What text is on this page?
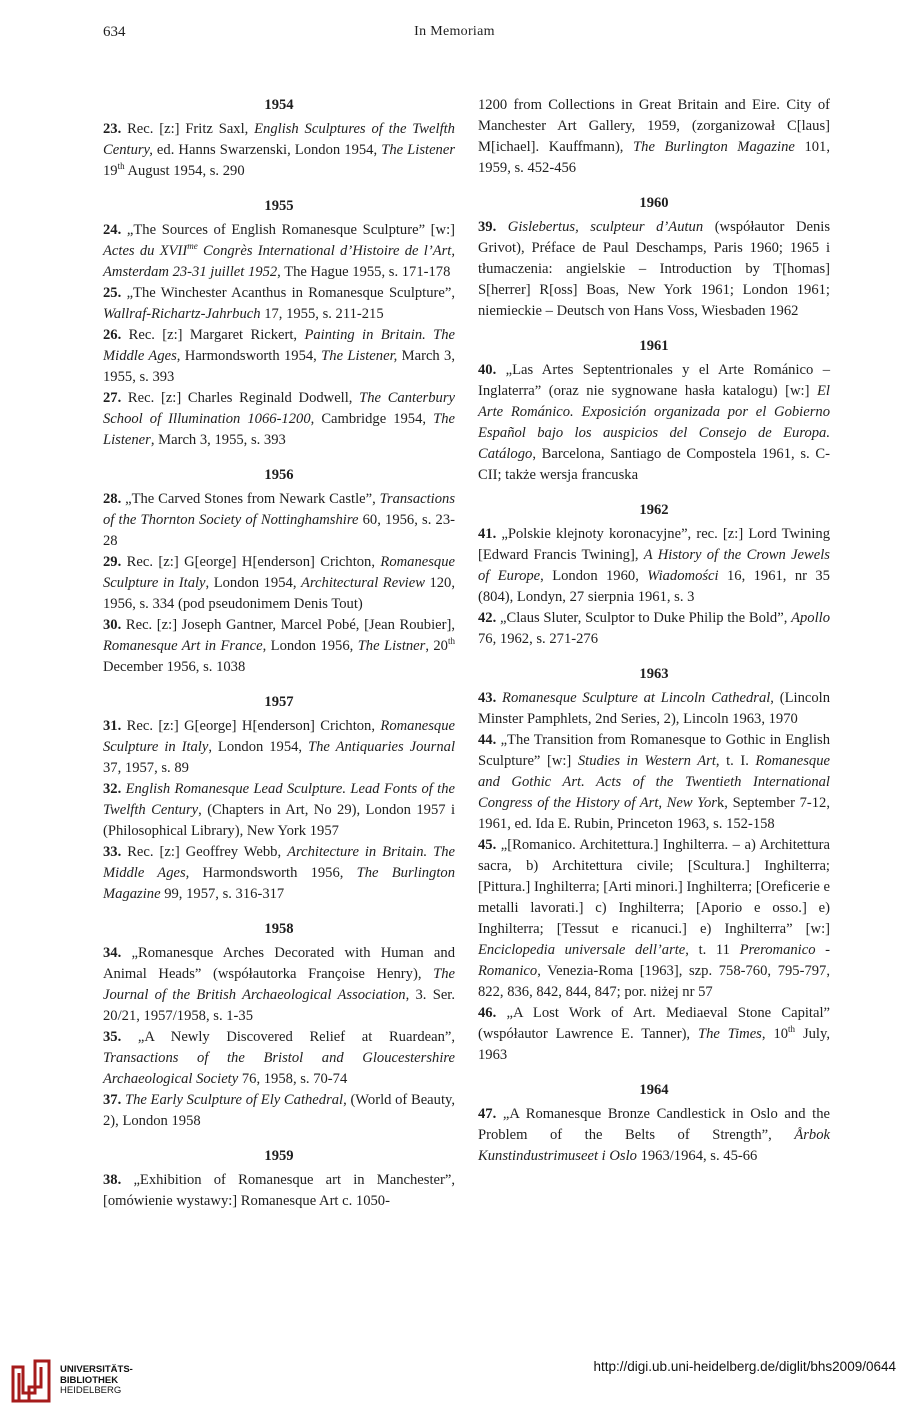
634	In Memoriam
1954
23. Rec. [z:] Fritz Saxl, English Sculptures of the Twelfth Century, ed. Hanns Swarzenski, London 1954, The Listener 19th August 1954, s. 290
1955
24. „The Sources of English Romanesque Sculpture” [w:] Actes du $XVII^{me}$ Congrès International d’Histoire de l’Art, Amsterdam 23-31 juillet 1952, The Hague 1955, s. 171-178
25. „The Winchester Acanthus in Romanesque Sculpture”, Wallraf-Richartz-Jahrbuch 17, 1955, s. 211-215
26. Rec. [z:] Margaret Rickert, Painting in Britain. The Middle Ages, Harmondsworth 1954, The Listener, March 3, 1955, s. 393
27. Rec. [z:] Charles Reginald Dodwell, The Canterbury School of Illumination 1066-1200, Cambridge 1954, The Listener, March 3, 1955, s. 393
1956
28. „The Carved Stones from Newark Castle”, Transactions of the Thornton Society of Nottinghamshire 60, 1956, s. 23-28
29. Rec. [z:] G[eorge] H[enderson] Crichton, Romanesque Sculpture in Italy, London 1954, Architectural Review 120, 1956, s. 334 (pod pseudonimem Denis Tout)
30. Rec. [z:] Joseph Gantner, Marcel Pobé, [Jean Roubier], Romanesque Art in France, London 1956, The Listner, 20th December 1956, s. 1038
1957
31. Rec. [z:] G[eorge] H[enderson] Crichton, Romanesque Sculpture in Italy, London 1954, The Antiquaries Journal 37, 1957, s. 89
32. English Romanesque Lead Sculpture. Lead Fonts of the Twelfth Century, (Chapters in Art, No 29), London 1957 i (Philosophical Library), New York 1957
33. Rec. [z:] Geoffrey Webb, Architecture in Britain. The Middle Ages, Harmondsworth 1956, The Burlington Magazine 99, 1957, s. 316-317
1958
34. „Romanesque Arches Decorated with Human and Animal Heads” (współautorka Françoise Henry), The Journal of the British Archaeological Association, 3. Ser. 20/21, 1957/1958, s. 1-35
35. „A Newly Discovered Relief at Ruardean”, Transactions of the Bristol and Gloucestershire Archaeological Society 76, 1958, s. 70-74
37. The Early Sculpture of Ely Cathedral, (World of Beauty, 2), London 1958
1959
38. „Exhibition of Romanesque art in Manchester”, [omówienie wystawy:] Romanesque Art c. 1050-
1200 from Collections in Great Britain and Eire. City of Manchester Art Gallery, 1959, (zorganizował C[laus] M[ichael]. Kauffmann), The Burlington Magazine 101, 1959, s. 452-456
1960
39. Gislebertus, sculpteur d’Autun (współautor Denis Grivot), Préface de Paul Deschamps, Paris 1960; 1965 i tłumaczenia: angielskie – Introduction by T[homas] S[herrer] R[oss] Boas, New York 1961; London 1961; niemieckie – Deutsch von Hans Voss, Wiesbaden 1962
1961
40. „Las Artes Septentrionales y el Arte Románico – Inglaterra” (oraz nie sygnowane hasła katalogu) [w:] El Arte Románico. Exposición organizada por el Gobierno Español bajo los auspicios del Consejo de Europa. Catálogo, Barcelona, Santiago de Compostela 1961, s. C-CII; także wersja francuska
1962
41. „Polskie klejnoty koronacyjne”, rec. [z:] Lord Twining [Edward Francis Twining], A History of the Crown Jewels of Europe, London 1960, Wiadomości 16, 1961, nr 35 (804), Londyn, 27 sierpnia 1961, s. 3
42. „Claus Sluter, Sculptor to Duke Philip the Bold”, Apollo 76, 1962, s. 271-276
1963
43. Romanesque Sculpture at Lincoln Cathedral, (Lincoln Minster Pamphlets, 2nd Series, 2), Lincoln 1963, 1970
44. „The Transition from Romanesque to Gothic in English Sculpture” [w:] Studies in Western Art, t. I. Romanesque and Gothic Art. Acts of the Twentieth International Congress of the History of Art, New York, September 7-12, 1961, ed. Ida E. Rubin, Princeton 1963, s. 152-158
45. „[Romanico. Architettura.] Inghilterra. – a) Architettura sacra, b) Architettura civile; [Scultura.] Inghilterra; [Pittura.] Inghilterra; [Arti minori.] Inghilterra; [Oreficerie e metalli lavorati.] c) Inghilterra; [Aporio e osso.] e) Inghilterra; [Tessut e ricanuci.] e) Inghilterra” [w:] Enciclopedia universale dell’arte, t. 11 Preromanico - Romanico, Venezia-Roma [1963], szp. 758-760, 795-797, 822, 836, 842, 844, 847; por. niżej nr 57
46. „A Lost Work of Art. Mediaeval Stone Capital” (współautor Lawrence E. Tanner), The Times, 10th July, 1963
1964
47. „A Romanesque Bronze Candlestick in Oslo and the Problem of the Belts of Strength”, Årbok Kunstindustrimuseet i Oslo 1963/1964, s. 45-66
UNIVERSITÄTS-
BIBLIOTHEK
HEIDELBERG
http://digi.ub.uni-heidelberg.de/diglit/bhs2009/0644
